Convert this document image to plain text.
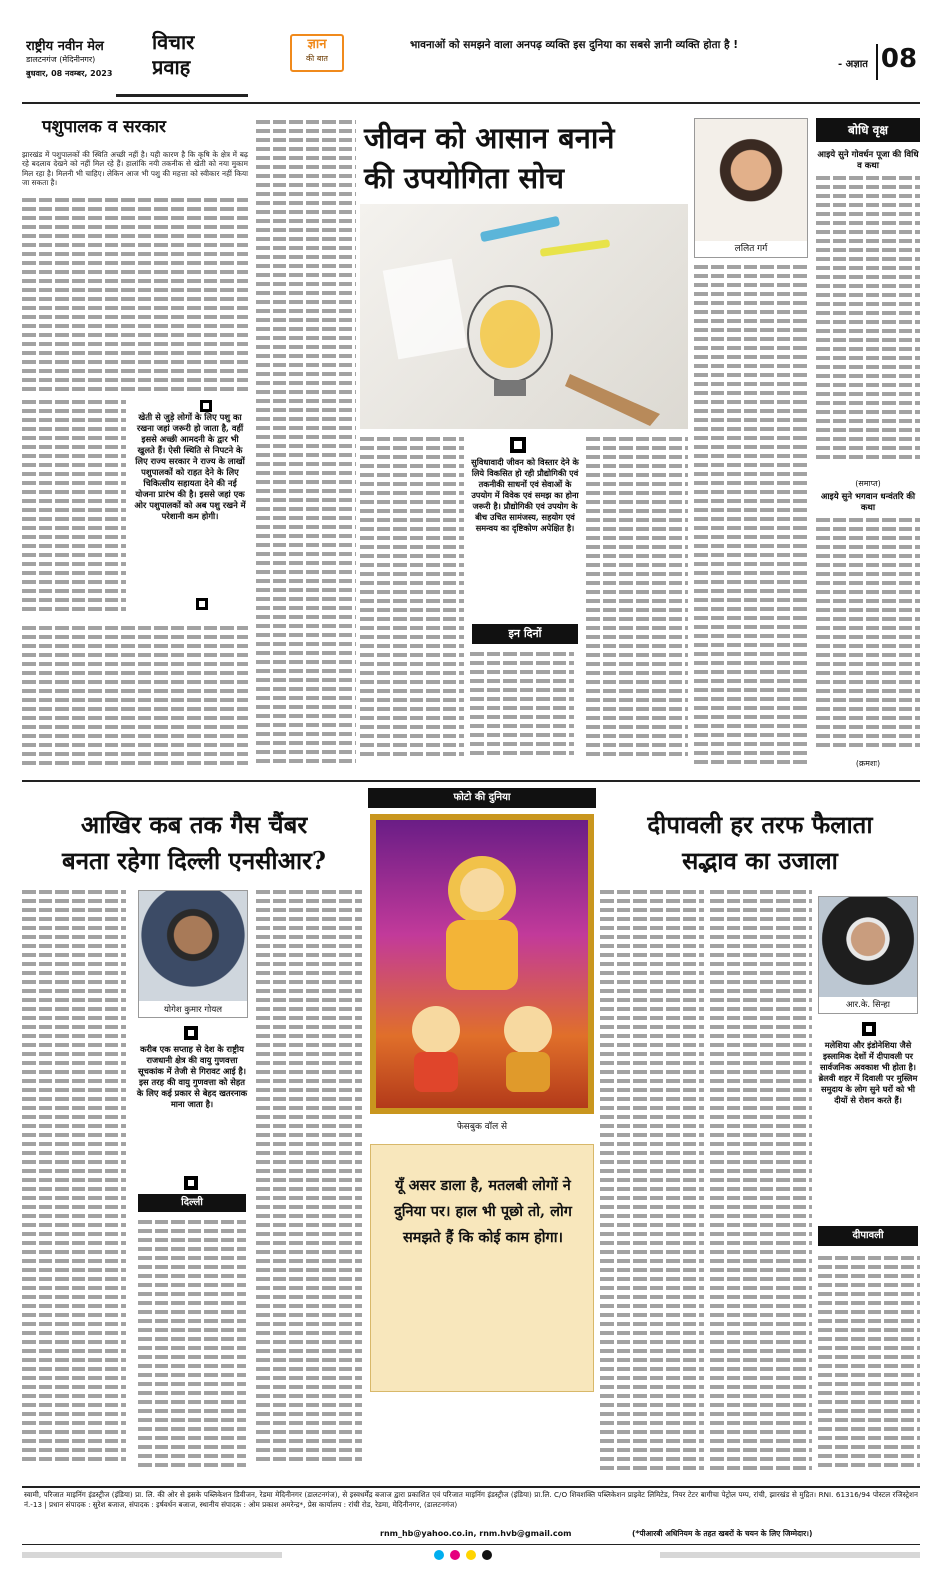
राष्ट्रीय नवीन मेल
डालटनगंज (मेदिनीनगर)
बुधवार, 08 नवम्बर, 2023
विचार
प्रवाह
ज्ञान
की बात
भावनाओं को समझने वाला अनपढ़ व्यक्ति इस दुनिया का सबसे ज्ञानी व्यक्ति होता है !
- अज्ञात 08
पशुपालक व सरकार
झारखंड में पशुपालकों की स्थिति अच्छी नहीं है। यही कारण है कि कृषि के क्षेत्र में बढ़ रहे बदलाव देखने को नहीं मिल रहे हैं। हालांकि नयी तकनीक से खेती को नया मुकाम मिल रहा है। मिलनी भी चाहिए। लेकिन आज भी पशु की महत्ता को स्वीकार नहीं किया जा सकता है।
खेती से जुड़े लोगों के लिए पशु का रखना जहां जरूरी हो जाता है, वहीं इससे अच्छी आमदनी के द्वार भी खुलते हैं। ऐसी स्थिति से निपटने के लिए राज्य सरकार ने राज्य के लाखों पशुपालकों को राहत देने के लिए चिकित्सीय सहायता देने की नई योजना प्रारंभ की है। इससे जहां एक ओर पशुपालकों को अब पशु रखने में परेशानी कम होगी।
जीवन को आसान बनाने
की उपयोगिता सोच
सुविधावादी जीवन को विस्तार देने के लिये विकसित हो रही प्रौद्योगिकी एवं तकनीकी साधनों एवं सेवाओं के उपयोग में विवेक एवं समझ का होना जरूरी है। प्रौद्योगिकी एवं उपयोग के बीच उचित सामंजस्य, सहयोग एवं समन्वय का दृष्टिकोण अपेक्षित है।
इन दिनों
ललित गर्ग
बोधि वृक्ष
आइये सुने गोवर्धन पूजा की विधि व कथा
(समाप्त)
आइये सुने भगवान धन्वंतरि की कथा
(क्रमशः)
आखिर कब तक गैस चैंबर
बनता रहेगा दिल्ली एनसीआर?
योगेश कुमार गोयल
करीब एक सप्ताह से देश के राष्ट्रीय राजधानी क्षेत्र की वायु गुणवत्ता सूचकांक में तेजी से गिरावट आई है। इस तरह की वायु गुणवत्ता को सेहत के लिए कई प्रकार से बेहद खतरनाक माना जाता है।
दिल्ली
फोटो की दुनिया
फेसबुक वॉल से
यूँ असर डाला है, मतलबी लोगों ने दुनिया पर। हाल भी पूछो तो, लोग समझते हैं कि कोई काम होगा।
दीपावली हर तरफ फैलाता
सद्भाव का उजाला
आर.के. सिन्हा
मलेशिया और इंडोनेशिया जैसे इस्लामिक देशों में दीपावली पर सार्वजनिक अवकाश भी होता है। ब्रेलवी शहर में दिवाली पर मुस्लिम समुदाय के लोग सुने घरों को भी दीयों से रोशन करते हैं।
दीपावली
स्वामी, परिजात माइनिंग इंडस्ट्रीज (इंडिया) प्रा. लि. की ओर से इसके पब्लिकेशन डिवीजन, रेडमा मेदिनीनगर (डालटनगंज), से इस्वधर्मेंद्र बजाज द्वारा प्रकाशित एवं परिजात माइनिंग इंडस्ट्रीज (इंडिया) प्रा.लि. C/O शिवशक्ति पब्लिकेशन प्राइवेट लिमिटेड, नियर टेटर बागीचा पेट्रोल पम्प, रांची, झारखंड से मुद्रित। RNI. 61316/94 पोस्टल रजिस्ट्रेशन नं.-13 | प्रधान संपादक : सुरेश बजाज, संपादक : इर्षवर्धन बजाज, स्थानीय संपादक : ओम प्रकाश अमरेन्द्र*, प्रेस कार्यालय : रांची रोड, रेडमा, मेदिनीनगर, (डालटनगंज)
rnm_hb@yahoo.co.in, rnm.hvb@gmail.com	(*पीआरबी अधिनियम के तहत खबरों के चयन के लिए जिम्मेदार।)
